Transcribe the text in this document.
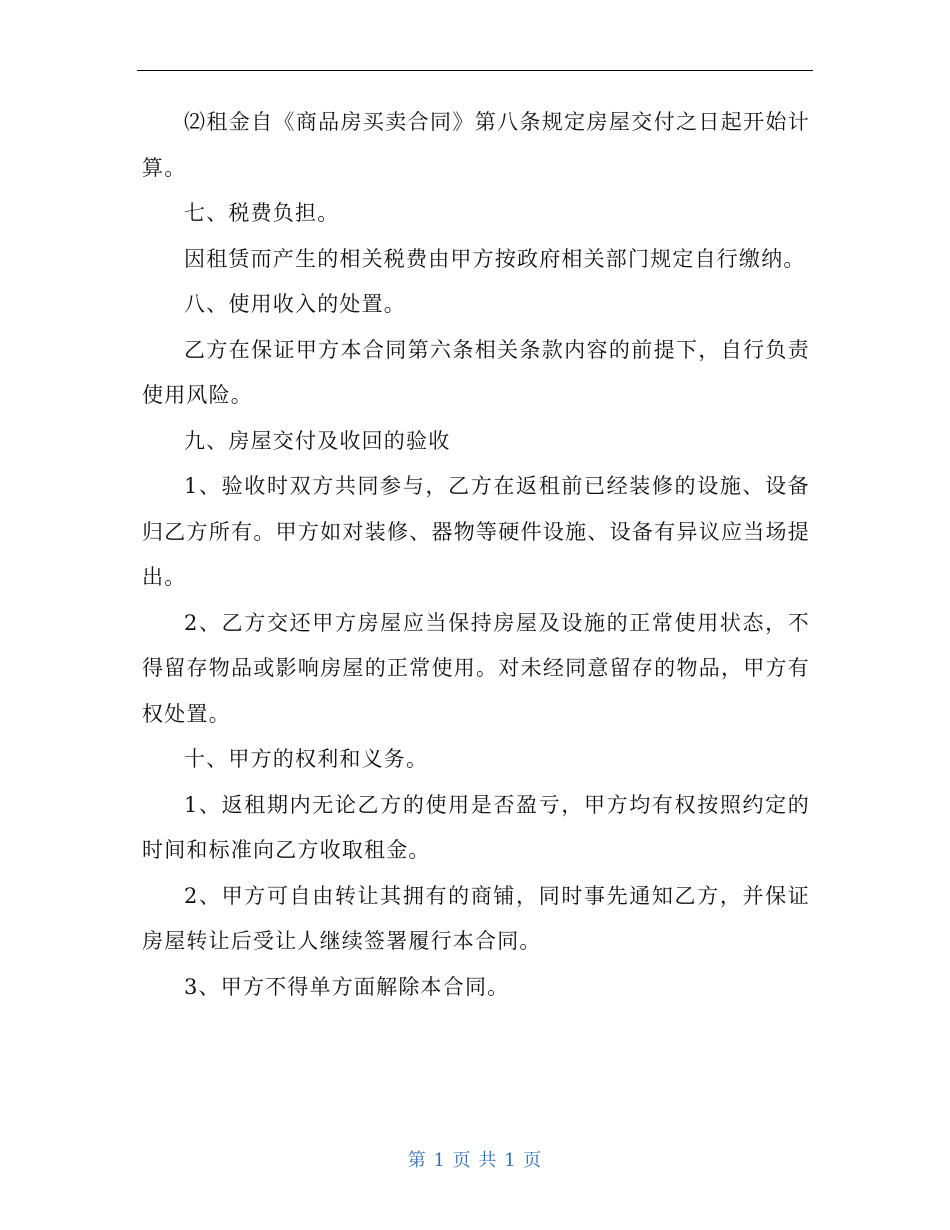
⑵租金自《商品房买卖合同》第八条规定房屋交付之日起开始计算。

七、税费负担。

因租赁而产生的相关税费由甲方按政府相关部门规定自行缴纳。

八、使用收入的处置。

乙方在保证甲方本合同第六条相关条款内容的前提下，自行负责使用风险。

九、房屋交付及收回的验收

1、验收时双方共同参与，乙方在返租前已经装修的设施、设备归乙方所有。甲方如对装修、器物等硬件设施、设备有异议应当场提出。

2、乙方交还甲方房屋应当保持房屋及设施的正常使用状态，不得留存物品或影响房屋的正常使用。对未经同意留存的物品，甲方有权处置。

十、甲方的权利和义务。

1、返租期内无论乙方的使用是否盈亏，甲方均有权按照约定的时间和标准向乙方收取租金。

2、甲方可自由转让其拥有的商铺，同时事先通知乙方，并保证房屋转让后受让人继续签署履行本合同。

3、甲方不得单方面解除本合同。

第 1 页 共 1 页
